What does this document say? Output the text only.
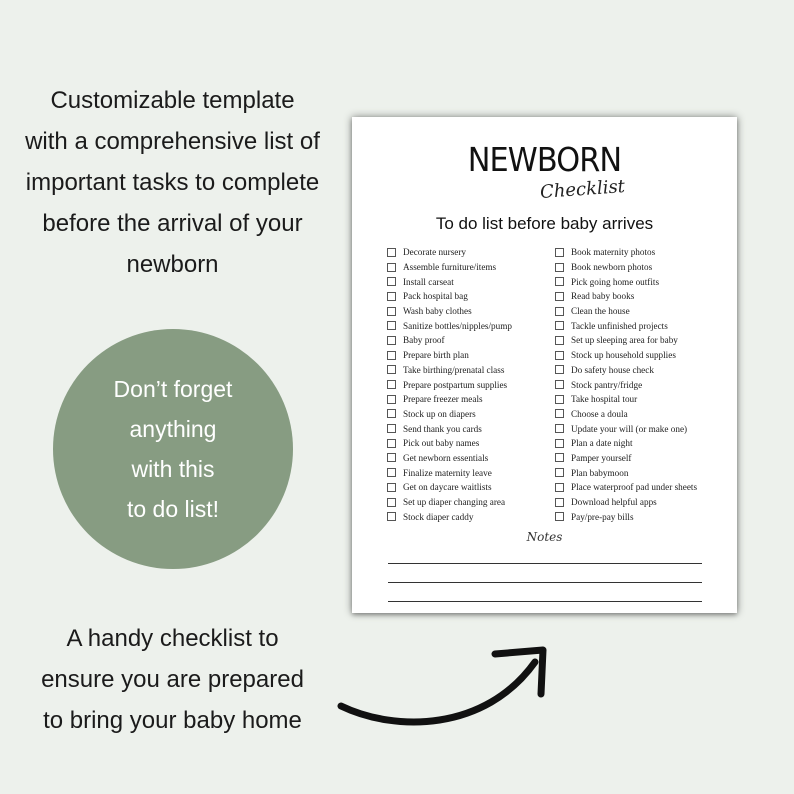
Customizable template
with a comprehensive list of
important tasks to complete
before the arrival of your
newborn
Don’t forget
anything
with this
to do list!
A handy checklist to
ensure you are prepared
to bring your baby home
NEWBORN
Checklist
To do list before baby arrives
Decorate nursery
Assemble furniture/items
Install carseat
Pack hospital bag
Wash baby clothes
Sanitize bottles/nipples/pump
Baby proof
Prepare birth plan
Take birthing/prenatal class
Prepare postpartum supplies
Prepare freezer meals
Stock up on diapers
Send thank you cards
Pick out baby names
Get newborn essentials
Finalize maternity leave
Get on daycare waitlists
Set up diaper changing area
Stock diaper caddy
Book maternity photos
Book newborn photos
Pick going home outfits
Read baby books
Clean the house
Tackle unfinished projects
Set up sleeping area for baby
Stock up household supplies
Do safety house check
Stock pantry/fridge
Take hospital tour
Choose a doula
Update your will (or make one)
Plan a date night
Pamper yourself
Plan babymoon
Place waterproof pad under sheets
Download helpful apps
Pay/pre-pay bills
Notes
